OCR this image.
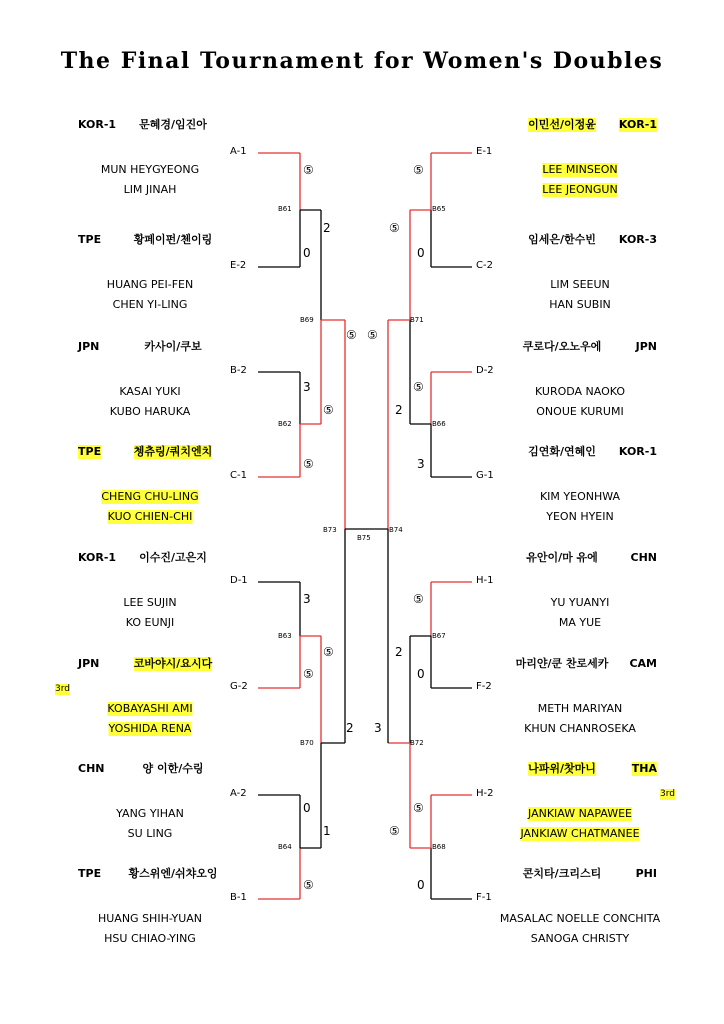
The Final Tournament for Women's Doubles
KOR-1 문혜경/임진아
MUN HEYGYEONG
LIM JINAH
TPE	황페이펀/첸이링
HUANG PEI-FEN
CHEN YI-LING
JPN	카사이/쿠보
KASAI YUKI
KUBO HARUKA
TPE	쳉츄링/쿼치엔치
CHENG CHU-LING
KUO CHIEN-CHI
KOR-1 이수진/고은지
LEE SUJIN
KO EUNJI
JPN	코바야시/요시다
KOBAYASHI AMI
YOSHIDA RENA
CHN	양 이한/수링
YANG YIHAN
SU LING
TPE 황스위엔/쉬챠오잉
HUANG SHIH-YUAN
HSU CHIAO-YING
KOR-1
이민선/이정윤
LEE MINSEON
LEE JEONGUN
KOR-3
임세은/한수빈
LIM SEEUN
HAN SUBIN
JPN
쿠로다/오노우에
KURODA NAOKO
ONOUE KURUMI
KOR-1
김연화/연혜인
KIM YEONHWA
YEON HYEIN
CHN
유안이/마 유에
YU YUANYI
MA YUE
CAM
마리얀/쿤 찬로세카
METH MARIYAN
KHUN CHANROSEKA
THA
나파위/찻마니
JANKIAW NAPAWEE
JANKIAW CHATMANEE
PHI
콘치타/크리스티
MASALAC NOELLE CONCHITA
SANOGA CHRISTY
A-1
E-2
B-2
C-1
D-1
G-2
A-2
B-1
E-1
C-2
D-2
G-1
H-1
F-2
H-2
F-1
B61
B62
B63
B64
B65
B66
B67
B68
B69
B70
B71
B72
B73	B74
B75
⑤
0
3
⑤
3
⑤
0
⑤
2
⑤
⑤
1
⑤
2
⑤
0
⑤
3
⑤
0
⑤
0
⑤
2
2
⑤
⑤
3
3rd
3rd
